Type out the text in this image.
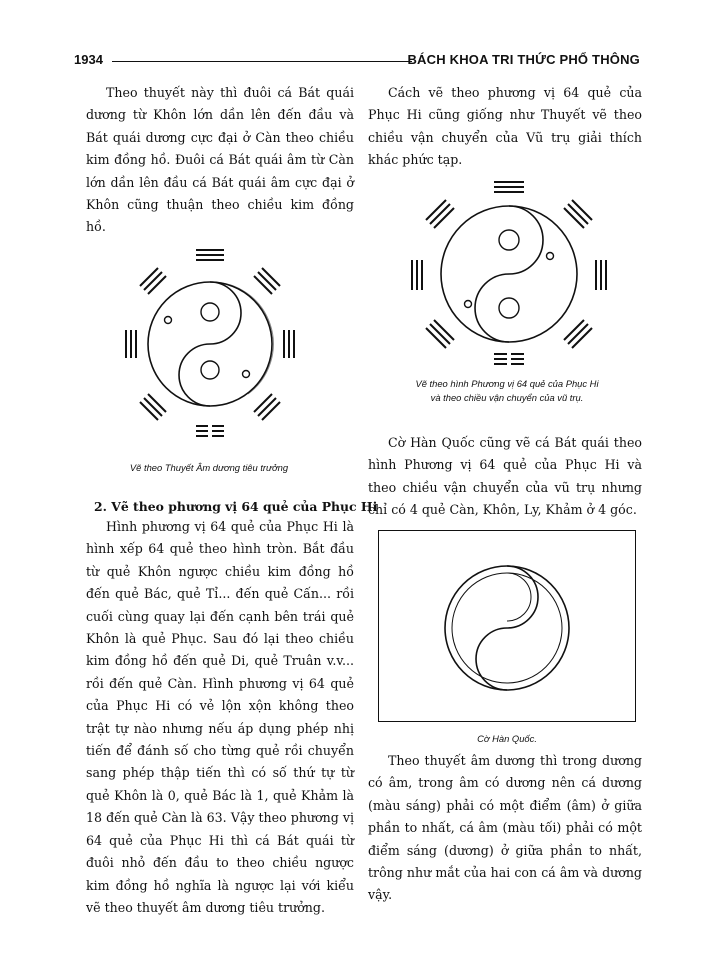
1934	BÁCH KHOA TRI THỨC PHỔ THÔNG

Theo thuyết này thì đuôi cá Bát quái dương từ Khôn lớn dần lên đến đầu và Bát quái dương cực đại ở Càn theo chiều kim đồng hồ. Đuôi cá Bát quái âm từ Càn lớn dần lên đầu cá Bát quái âm cực đại ở Khôn cũng thuận theo chiều kim đồng hồ.

Vẽ theo Thuyết Âm dương tiêu trưởng
2. Vẽ theo phương vị 64 quẻ của Phục Hi

Hình phương vị 64 quẻ của Phục Hi là hình xếp 64 quẻ theo hình tròn. Bắt đầu từ quẻ Khôn ngược chiều kim đồng hồ đến quẻ Bác, quẻ Tỉ... đến quẻ Cấn... rồi cuối cùng quay lại đến cạnh bên trái quẻ Khôn là quẻ Phục. Sau đó lại theo chiều kim đồng hồ đến quẻ Di, quẻ Truân v.v... rồi đến quẻ Càn. Hình phương vị 64 quẻ của Phục Hi có vẻ lộn xộn không theo trật tự nào nhưng nếu áp dụng phép nhị tiến để đánh số cho từng quẻ rồi chuyển sang phép thập tiến thì có số thứ tự từ quẻ Khôn là 0, quẻ Bác là 1, quẻ Khảm là 18 đến quẻ Càn là 63. Vậy theo phương vị 64 quẻ của Phục Hi thì cá Bát quái từ đuôi nhỏ đến đầu to theo chiều ngược kim đồng hồ nghĩa là ngược lại với kiểu vẽ theo thuyết âm dương tiêu trưởng.

Cách vẽ theo phương vị 64 quẻ của Phục Hi cũng giống như Thuyết vẽ theo chiều vận chuyển của Vũ trụ giải thích khác phức tạp.

Vẽ theo hình Phương vị 64 quẻ của Phục Hi
và theo chiều vận chuyển của vũ trụ.

Cờ Hàn Quốc cũng vẽ cá Bát quái theo hình Phương vị 64 quẻ của Phục Hi và theo chiều vận chuyển của vũ trụ nhưng chỉ có 4 quẻ Càn, Khôn, Ly, Khảm ở 4 góc.

Cờ Hàn Quốc.

Theo thuyết âm dương thì trong dương có âm, trong âm có dương nên cá dương (màu sáng) phải có một điểm (âm) ở giữa phần to nhất, cá âm (màu tối) phải có một điểm sáng (dương) ở giữa phần to nhất, trông như mắt của hai con cá âm và dương vậy.
